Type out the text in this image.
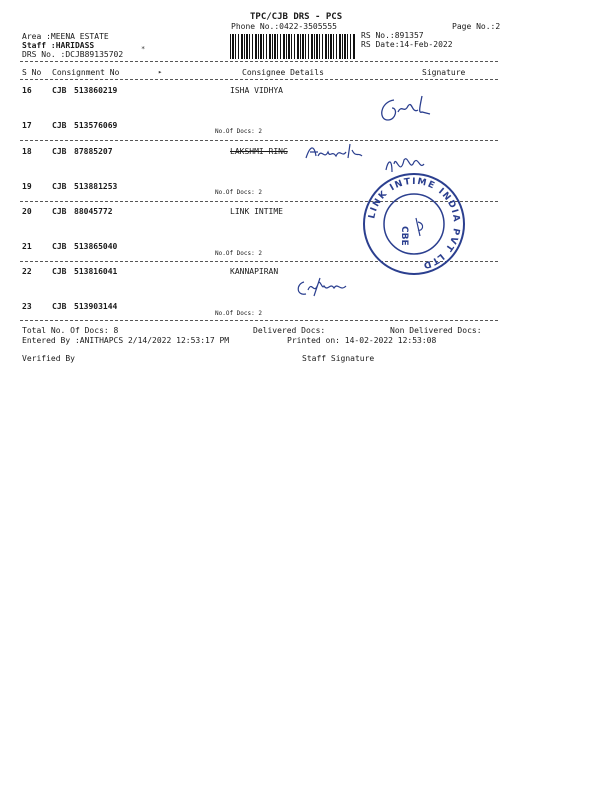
TPC/CJB DRS - PCS
Phone No.:0422-3505555	Page No.:2
Area :MEENA ESTATE
Staff :HARIDASS
DRS No. :DCJB89135702
RS No.:891357
RS Date:14-Feb-2022
S No Consignment No	Consignee Details	Signature
16	CJB 513860219	ISHA VIDHYA
17	CJB 513576069
No.Of Docs: 2
18	CJB 87885207	LAKSHMI RING
19	CJB 513881253
No.Of Docs: 2
20	CJB 88045772	LINK INTIME
21	CJB 513865040
No.Of Docs: 2
22	CJB 513816041	KANNAPIRAN
23	CJB 513903144
No.Of Docs: 2
Total No. Of Docs: 8	Delivered Docs:	Non Delivered Docs:
Entered By :ANITHAPCS 2/14/2022 12:53:17 PM	Printed on: 14-02-2022 12:53:08
Verified By	Staff Signature
LINK INTIME INDIA PVT LTD
CBE
*
▸
